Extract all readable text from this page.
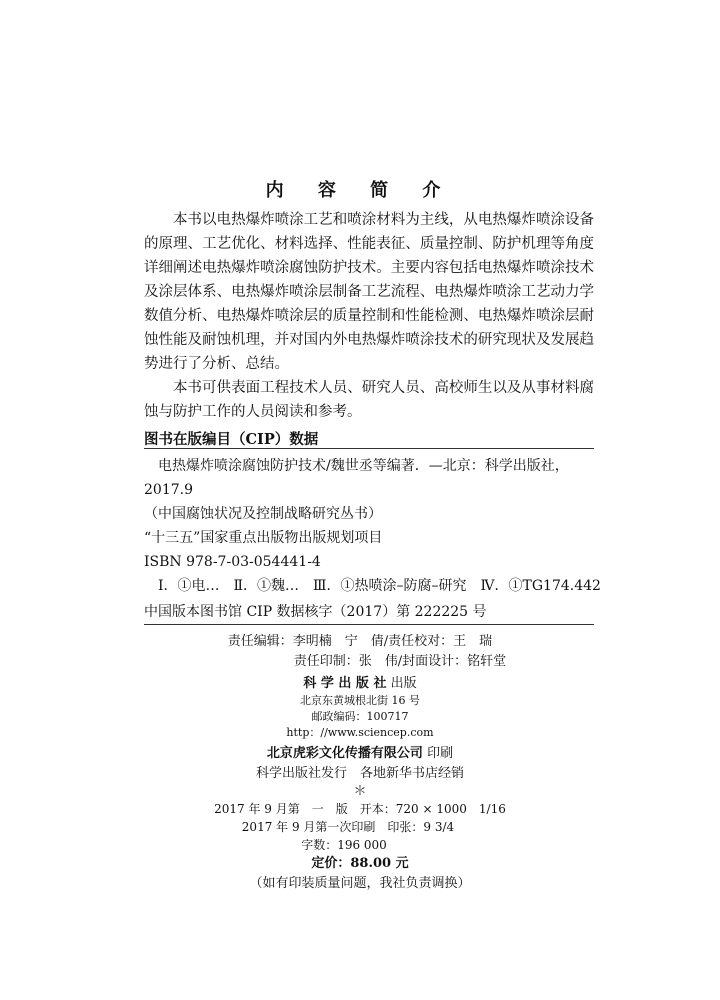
内 容 简 介

本书以电热爆炸喷涂工艺和喷涂材料为主线，从电热爆炸喷涂设备的原理、工艺优化、材料选择、性能表征、质量控制、防护机理等角度详细阐述电热爆炸喷涂腐蚀防护技术。主要内容包括电热爆炸喷涂技术及涂层体系、电热爆炸喷涂层制备工艺流程、电热爆炸喷涂工艺动力学数值分析、电热爆炸喷涂层的质量控制和性能检测、电热爆炸喷涂层耐蚀性能及耐蚀机理，并对国内外电热爆炸喷涂技术的研究现状及发展趋势进行了分析、总结。

本书可供表面工程技术人员、研究人员、高校师生以及从事材料腐蚀与防护工作的人员阅读和参考。

图书在版编目（CIP）数据
电热爆炸喷涂腐蚀防护技术/魏世丞等编著．—北京：科学出版社，2017.9
（中国腐蚀状况及控制战略研究丛书）
“十三五”国家重点出版物出版规划项目
ISBN 978-7-03-054441-4
Ⅰ．①电…　Ⅱ．①魏…　Ⅲ．①热喷涂–防腐–研究　Ⅳ．①TG174.442
中国版本图书馆 CIP 数据核字（2017）第 222225 号
责任编辑：李明楠　宁　倩/责任校对：王　瑞
责任印制：张　伟/封面设计：铭轩堂
科 学 出 版 社 出版
北京东黄城根北街 16 号
邮政编码：100717
http：//www.sciencep.com
北京虎彩文化传播有限公司 印刷
科学出版社发行　各地新华书店经销
＊
2017 年 9 月第　一　版　开本：720 × 1000　1/16
2017 年 9 月第一次印刷　印张：9 3/4
字数：196 000
定价：88.00 元
（如有印装质量问题，我社负责调换）
